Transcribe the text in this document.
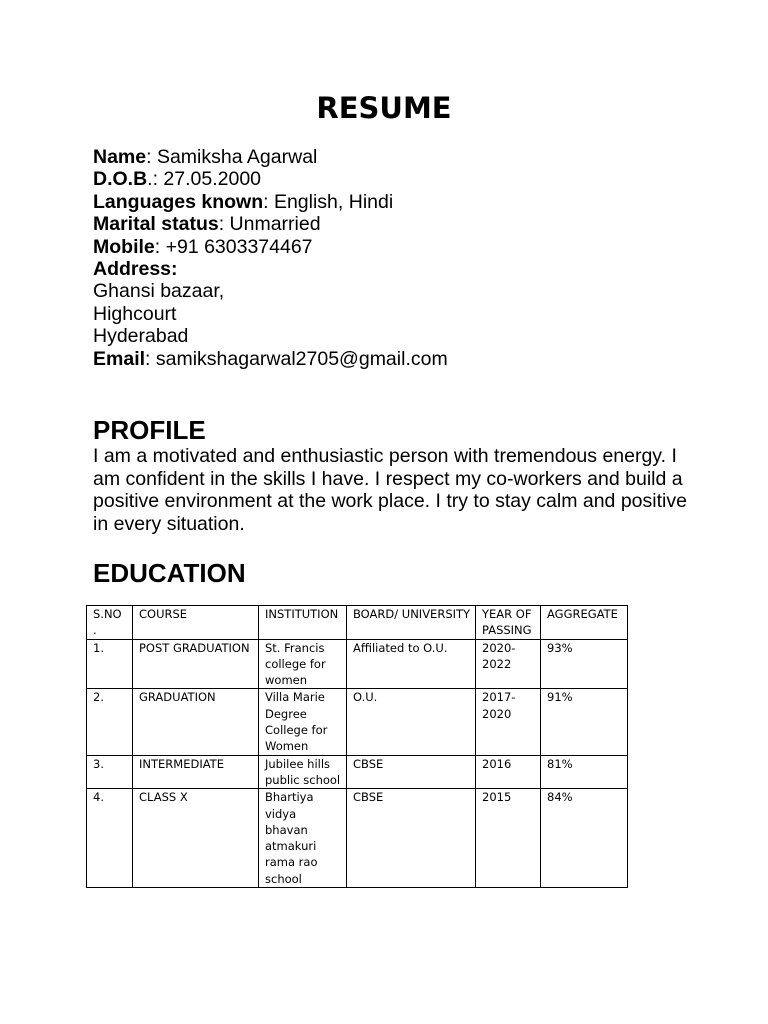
RESUME
Name: Samiksha Agarwal
D.O.B.: 27.05.2000
Languages known: English, Hindi
Marital status: Unmarried
Mobile: +91 6303374467
Address:
Ghansi bazaar,
Highcourt
Hyderabad
Email: samikshagarwal2705@gmail.com
PROFILE
I am a motivated and enthusiastic person with tremendous energy. I am confident in the skills I have. I respect my co-workers and build a positive environment at the work place. I try to stay calm and positive in every situation.
EDUCATION
S.NO .	COURSE	INSTITUTION	BOARD/ UNIVERSITY	YEAR OF PASSING	AGGREGATE
1.	POST GRADUATION	St. Francis college for women	Affiliated to O.U.	2020-2022	93%
2.	GRADUATION	Villa Marie Degree College for Women	O.U.	2017-2020	91%
3.	INTERMEDIATE	Jubilee hills public school	CBSE	2016	81%
4.	CLASS X	Bhartiya vidya bhavan atmakuri rama rao school	CBSE	2015	84%
